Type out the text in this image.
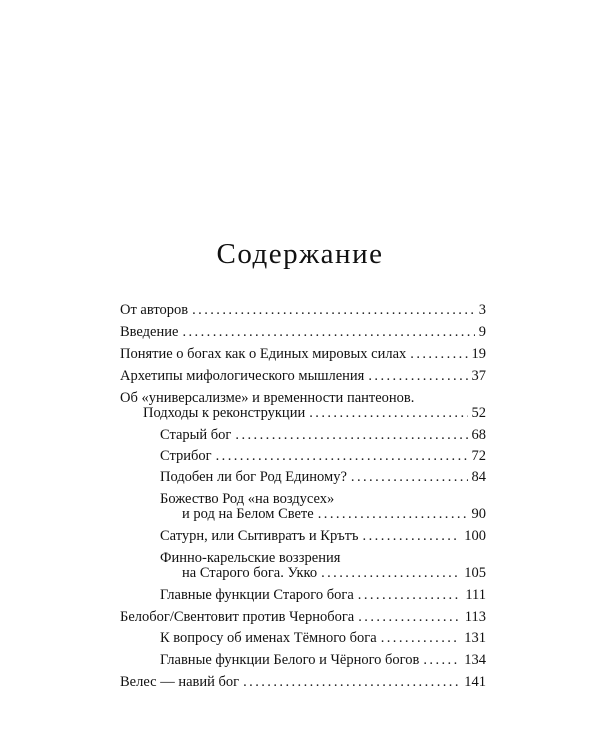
Содержание
От авторов . . .	3
Введение . . .	9
Понятие о богах как о Единых мировых силах . . .	19
Архетипы мифологического мышления . . .	37
Об «универсализме» и временности пантеонов.
Подходы к реконструкции . . .	52
Старый бог . . .	68
Стрибог . . .	72
Подобен ли бог Род Единому? . . .	84
Божество Род «на воздусех»
и род на Белом Свете . . .	90
Сатурн, или Сытивратъ и Крътъ . . .	100
Финно-карельские воззрения
на Старого бога. Укко . . .	105
Главные функции Старого бога . . .	111
Белобог/Свентовит против Чернобога . . .	113
К вопросу об именах Тёмного бога . . .	131
Главные функции Белого и Чёрного богов . . .	134
Велес — навий бог . . .	141
